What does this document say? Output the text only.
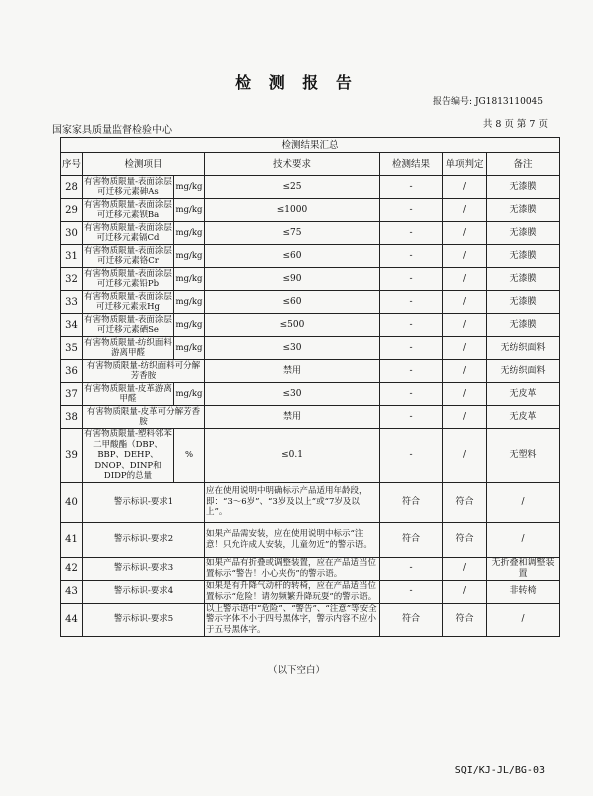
检 测 报 告
报告编号: JG1813110045
国家家具质量监督检验中心
共 8 页 第 7 页
检测结果汇总						
序号	检测项目		技术要求	检测结果	单项判定	备注
28	有害物质限量-表面涂层可迁移元素砷As	mg/kg	≤25	-	/	无漆膜
29	有害物质限量-表面涂层可迁移元素钡Ba	mg/kg	≤1000	-	/	无漆膜
30	有害物质限量-表面涂层可迁移元素镉Cd	mg/kg	≤75	-	/	无漆膜
31	有害物质限量-表面涂层可迁移元素铬Cr	mg/kg	≤60	-	/	无漆膜
32	有害物质限量-表面涂层可迁移元素铅Pb	mg/kg	≤90	-	/	无漆膜
33	有害物质限量-表面涂层可迁移元素汞Hg	mg/kg	≤60	-	/	无漆膜
34	有害物质限量-表面涂层可迁移元素硒Se	mg/kg	≤500	-	/	无漆膜
35	有害物质限量-纺织面料游离甲醛	mg/kg	≤30	-	/	无纺织面料
36	有害物质限量-纺织面料可分解芳香胺		禁用	-	/	无纺织面料
37	有害物质限量-皮革游离甲醛	mg/kg	≤30	-	/	无皮革
38	有害物质限量-皮革可分解芳香胺		禁用	-	/	无皮革
39	有害物质限量-塑料邻苯二甲酸酯（DBP、BBP、DEHP、DNOP、DINP和DIDP的总量	%	≤0.1	-	/	无塑料
40	警示标识-要求1		应在使用说明中明确标示产品适用年龄段，即：“3～6岁”、“3岁及以上”或“7岁及以上”。	符合	符合	/
41	警示标识-要求2		如果产品需安装，应在使用说明中标示“注意！只允许成人安装，儿童勿近”的警示语。	符合	符合	/
42	警示标识-要求3		如果产品有折叠或调整装置，应在产品适当位置标示“警告！小心夹伤”的警示语。	-	/	无折叠和调整装置
43	警示标识-要求4		如果是有升降气动杆的转椅，应在产品适当位置标示“危险！请勿频繁升降玩耍”的警示语。	-	/	非转椅
44	警示标识-要求5		以上警示语中“危险”、“警告”、“注意”等安全警示字体不小于四号黑体字，警示内容不应小于五号黑体字。	符合	符合	/
（以下空白）
SQI/KJ-JL/BG-03
